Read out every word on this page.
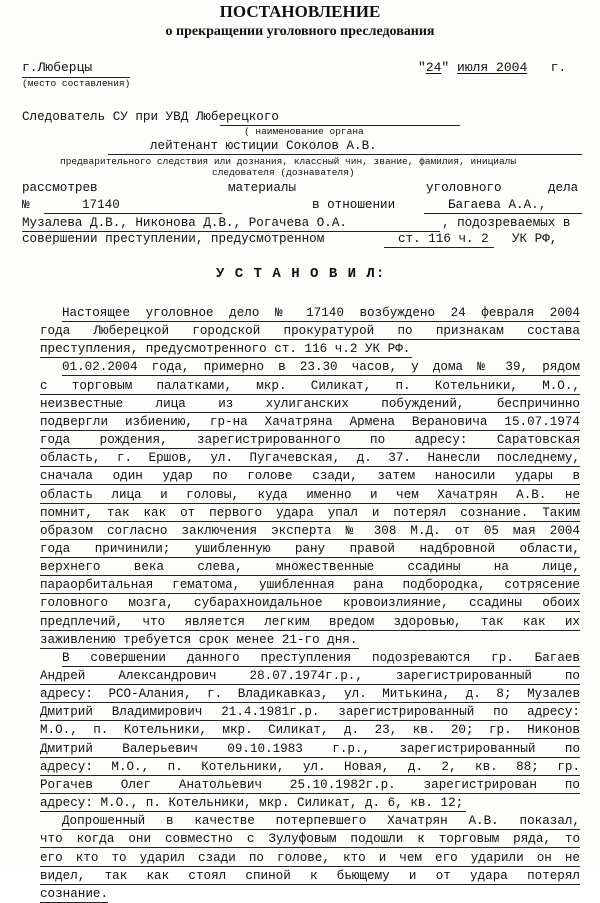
ПОСТАНОВЛЕНИЕ
о прекращении уголовного преследования
г.Люберцы
(место составления)
"24" июля 2004 г.
Следователь СУ при УВД Люберецкого
( наименование органа
лейтенант юстиции Соколов А.В.
предварительного следствия или дознания, классный чин, звание, фамилия, инициалы
следователя (дознавателя)
рассмотрев	материалы	уголовного	дела
№	17140	в отношении	Багаева А.А.,
Музалева Д.В., Никонова Д.В., Рогачева О.А.	, подозреваемых в
совершении преступлении, предусмотренном	ст. 116 ч. 2 УК РФ,
У С Т А Н О В И Л:
Настоящее уголовное дело № 17140 возбуждено 24 февраля 2004
года Люберецкой городской прокуратурой по признакам состава
преступления, предусмотренного ст. 116 ч.2 УК РФ.
01.02.2004 года, примерно в 23.30 часов, у дома № 39, рядом
с торговым палатками, мкр. Силикат, п. Котельники, М.О.,
неизвестные лица из хулиганских побуждений, беспричинно
подвергли избиению, гр-на Хачатряна Армена Верановича 15.07.1974
года рождения, зарегистрированного по адресу: Саратовская
область, г. Ершов, ул. Пугачевская, д. 37. Нанесли последнему,
сначала один удар по голове сзади, затем наносили удары в
область лица и головы, куда именно и чем Хачатрян А.В. не
помнит, так как от первого удара упал и потерял сознание. Таким
образом согласно заключения эксперта № 308 М.Д. от 05 мая 2004
года причинили; ушибленную рану правой надбровной области,
верхнего века слева, множественные ссадины на лице,
параорбитальная гематома, ушибленная рана подбородка, сотрясение
головного мозга, субарахноидальное кровоизлияние, ссадины обоих
предплечий, что является легким вредом здоровью, так как их
заживлению требуется срок менее 21-го дня.
В совершении данного преступления подозреваются гр. Багаев
Андрей Александрович 28.07.1974г.р., зарегистрированный по
адресу: РСО-Алания, г. Владикавказ, ул. Митькина, д. 8; Музалев
Дмитрий Владимирович 21.4.1981г.р. зарегистрированный по адресу:
М.О., п. Котельники, мкр. Силикат, д. 23, кв. 20; гр. Никонов
Дмитрий Валерьевич 09.10.1983 г.р., зарегистрированный по
адресу: М.О., п. Котельники, ул. Новая, д. 2, кв. 88; гр.
Рогачев Олег Анатольевич 25.10.1982г.р. зарегистрирован по
адресу: М.О., п. Котельники, мкр. Силикат, д. 6, кв. 12;
Допрошенный в качестве потерпевшего Хачатрян А.В. показал,
что когда они совместно с Зулуфовым подошли к торговым ряда, то
его кто то ударил сзади по голове, кто и чем его ударили он не
видел, так как стоял спиной к бьющему и от удара потерял
сознание.
